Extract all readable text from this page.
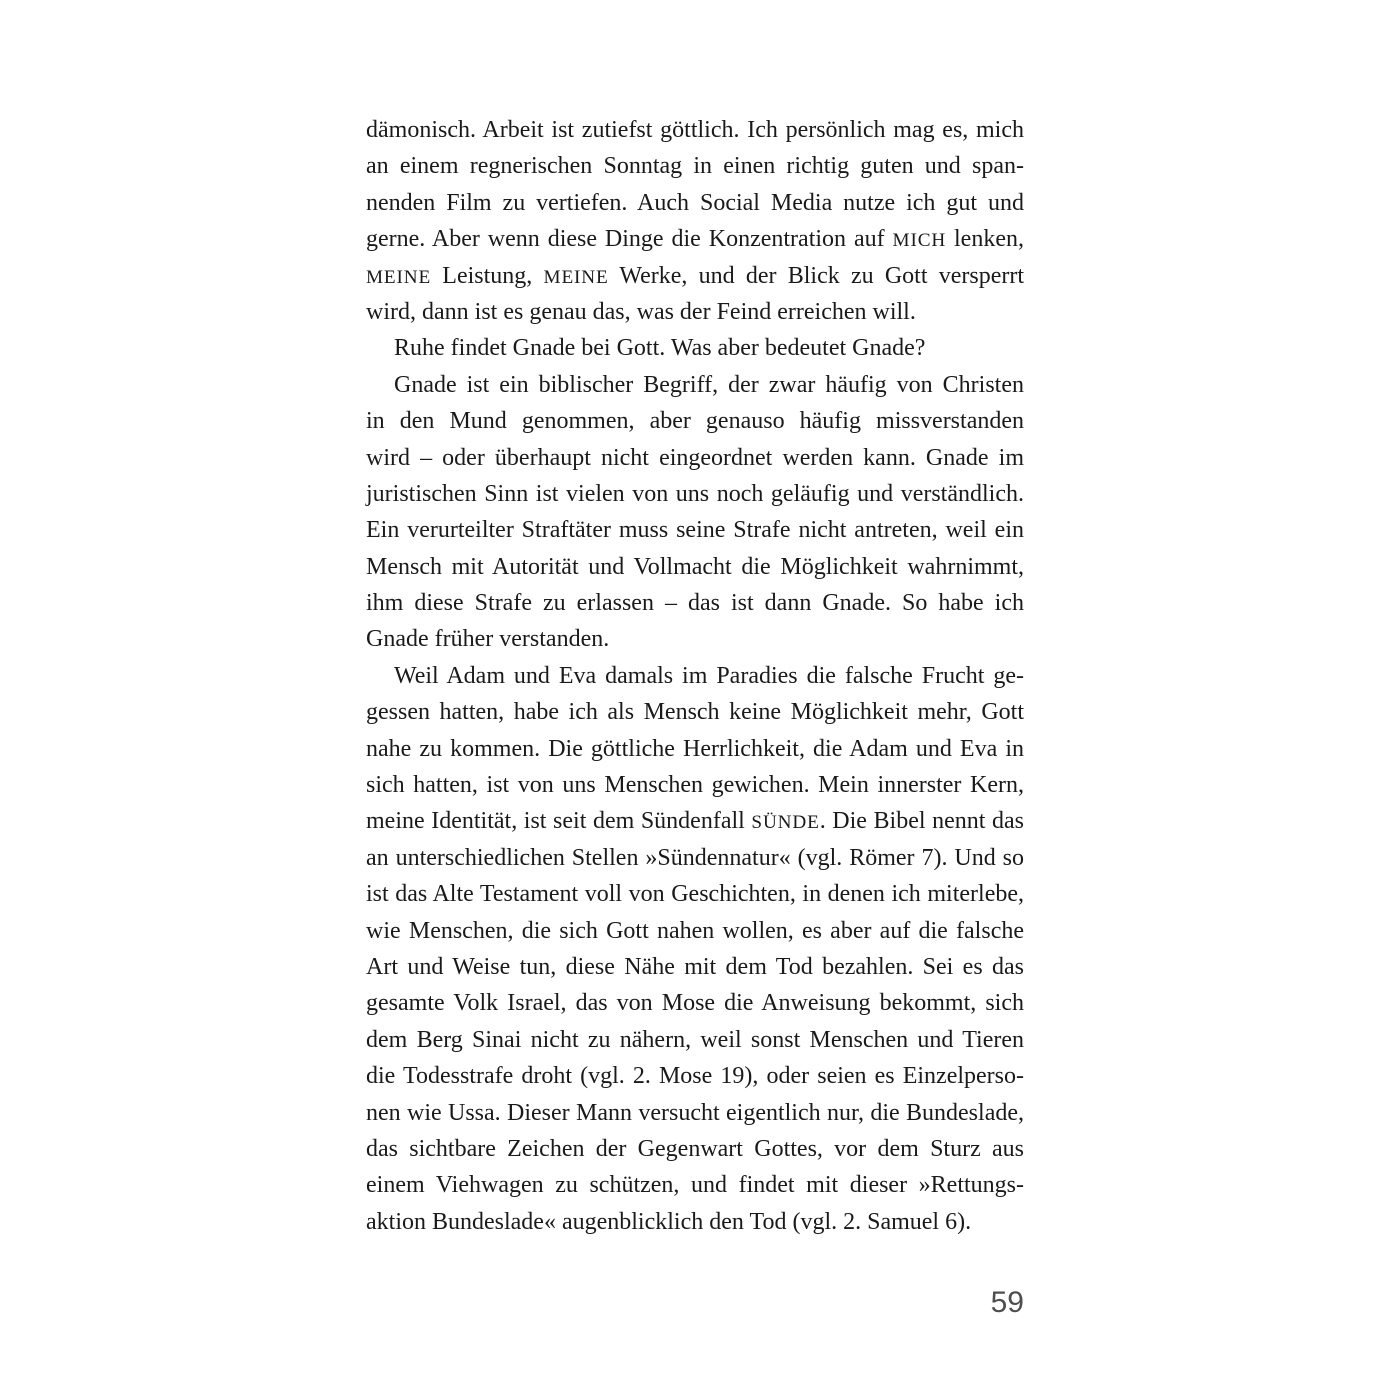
dämonisch. Arbeit ist zutiefst göttlich. Ich persönlich mag es, mich
an einem regnerischen Sonntag in einen richtig guten und span-
nenden Film zu vertiefen. Auch Social Media nutze ich gut und
gerne. Aber wenn diese Dinge die Konzentration auf MICH lenken,
MEINE Leistung, MEINE Werke, und der Blick zu Gott versperrt
wird, dann ist es genau das, was der Feind erreichen will.
Ruhe findet Gnade bei Gott. Was aber bedeutet Gnade?
Gnade ist ein biblischer Begriff, der zwar häufig von Christen
in den Mund genommen, aber genauso häufig missverstanden
wird – oder überhaupt nicht eingeordnet werden kann. Gnade im
juristischen Sinn ist vielen von uns noch geläufig und verständlich.
Ein verurteilter Straftäter muss seine Strafe nicht antreten, weil ein
Mensch mit Autorität und Vollmacht die Möglichkeit wahrnimmt,
ihm diese Strafe zu erlassen – das ist dann Gnade. So habe ich
Gnade früher verstanden.
Weil Adam und Eva damals im Paradies die falsche Frucht ge-
gessen hatten, habe ich als Mensch keine Möglichkeit mehr, Gott
nahe zu kommen. Die göttliche Herrlichkeit, die Adam und Eva in
sich hatten, ist von uns Menschen gewichen. Mein innerster Kern,
meine Identität, ist seit dem Sündenfall SÜNDE. Die Bibel nennt das
an unterschiedlichen Stellen »Sündennatur« (vgl. Römer 7). Und so
ist das Alte Testament voll von Geschichten, in denen ich miterlebe,
wie Menschen, die sich Gott nahen wollen, es aber auf die falsche
Art und Weise tun, diese Nähe mit dem Tod bezahlen. Sei es das
gesamte Volk Israel, das von Mose die Anweisung bekommt, sich
dem Berg Sinai nicht zu nähern, weil sonst Menschen und Tieren
die Todesstrafe droht (vgl. 2. Mose 19), oder seien es Einzelperso-
nen wie Ussa. Dieser Mann versucht eigentlich nur, die Bundeslade,
das sichtbare Zeichen der Gegenwart Gottes, vor dem Sturz aus
einem Viehwagen zu schützen, und findet mit dieser »Rettungs-
aktion Bundeslade« augenblicklich den Tod (vgl. 2. Samuel 6).
59
